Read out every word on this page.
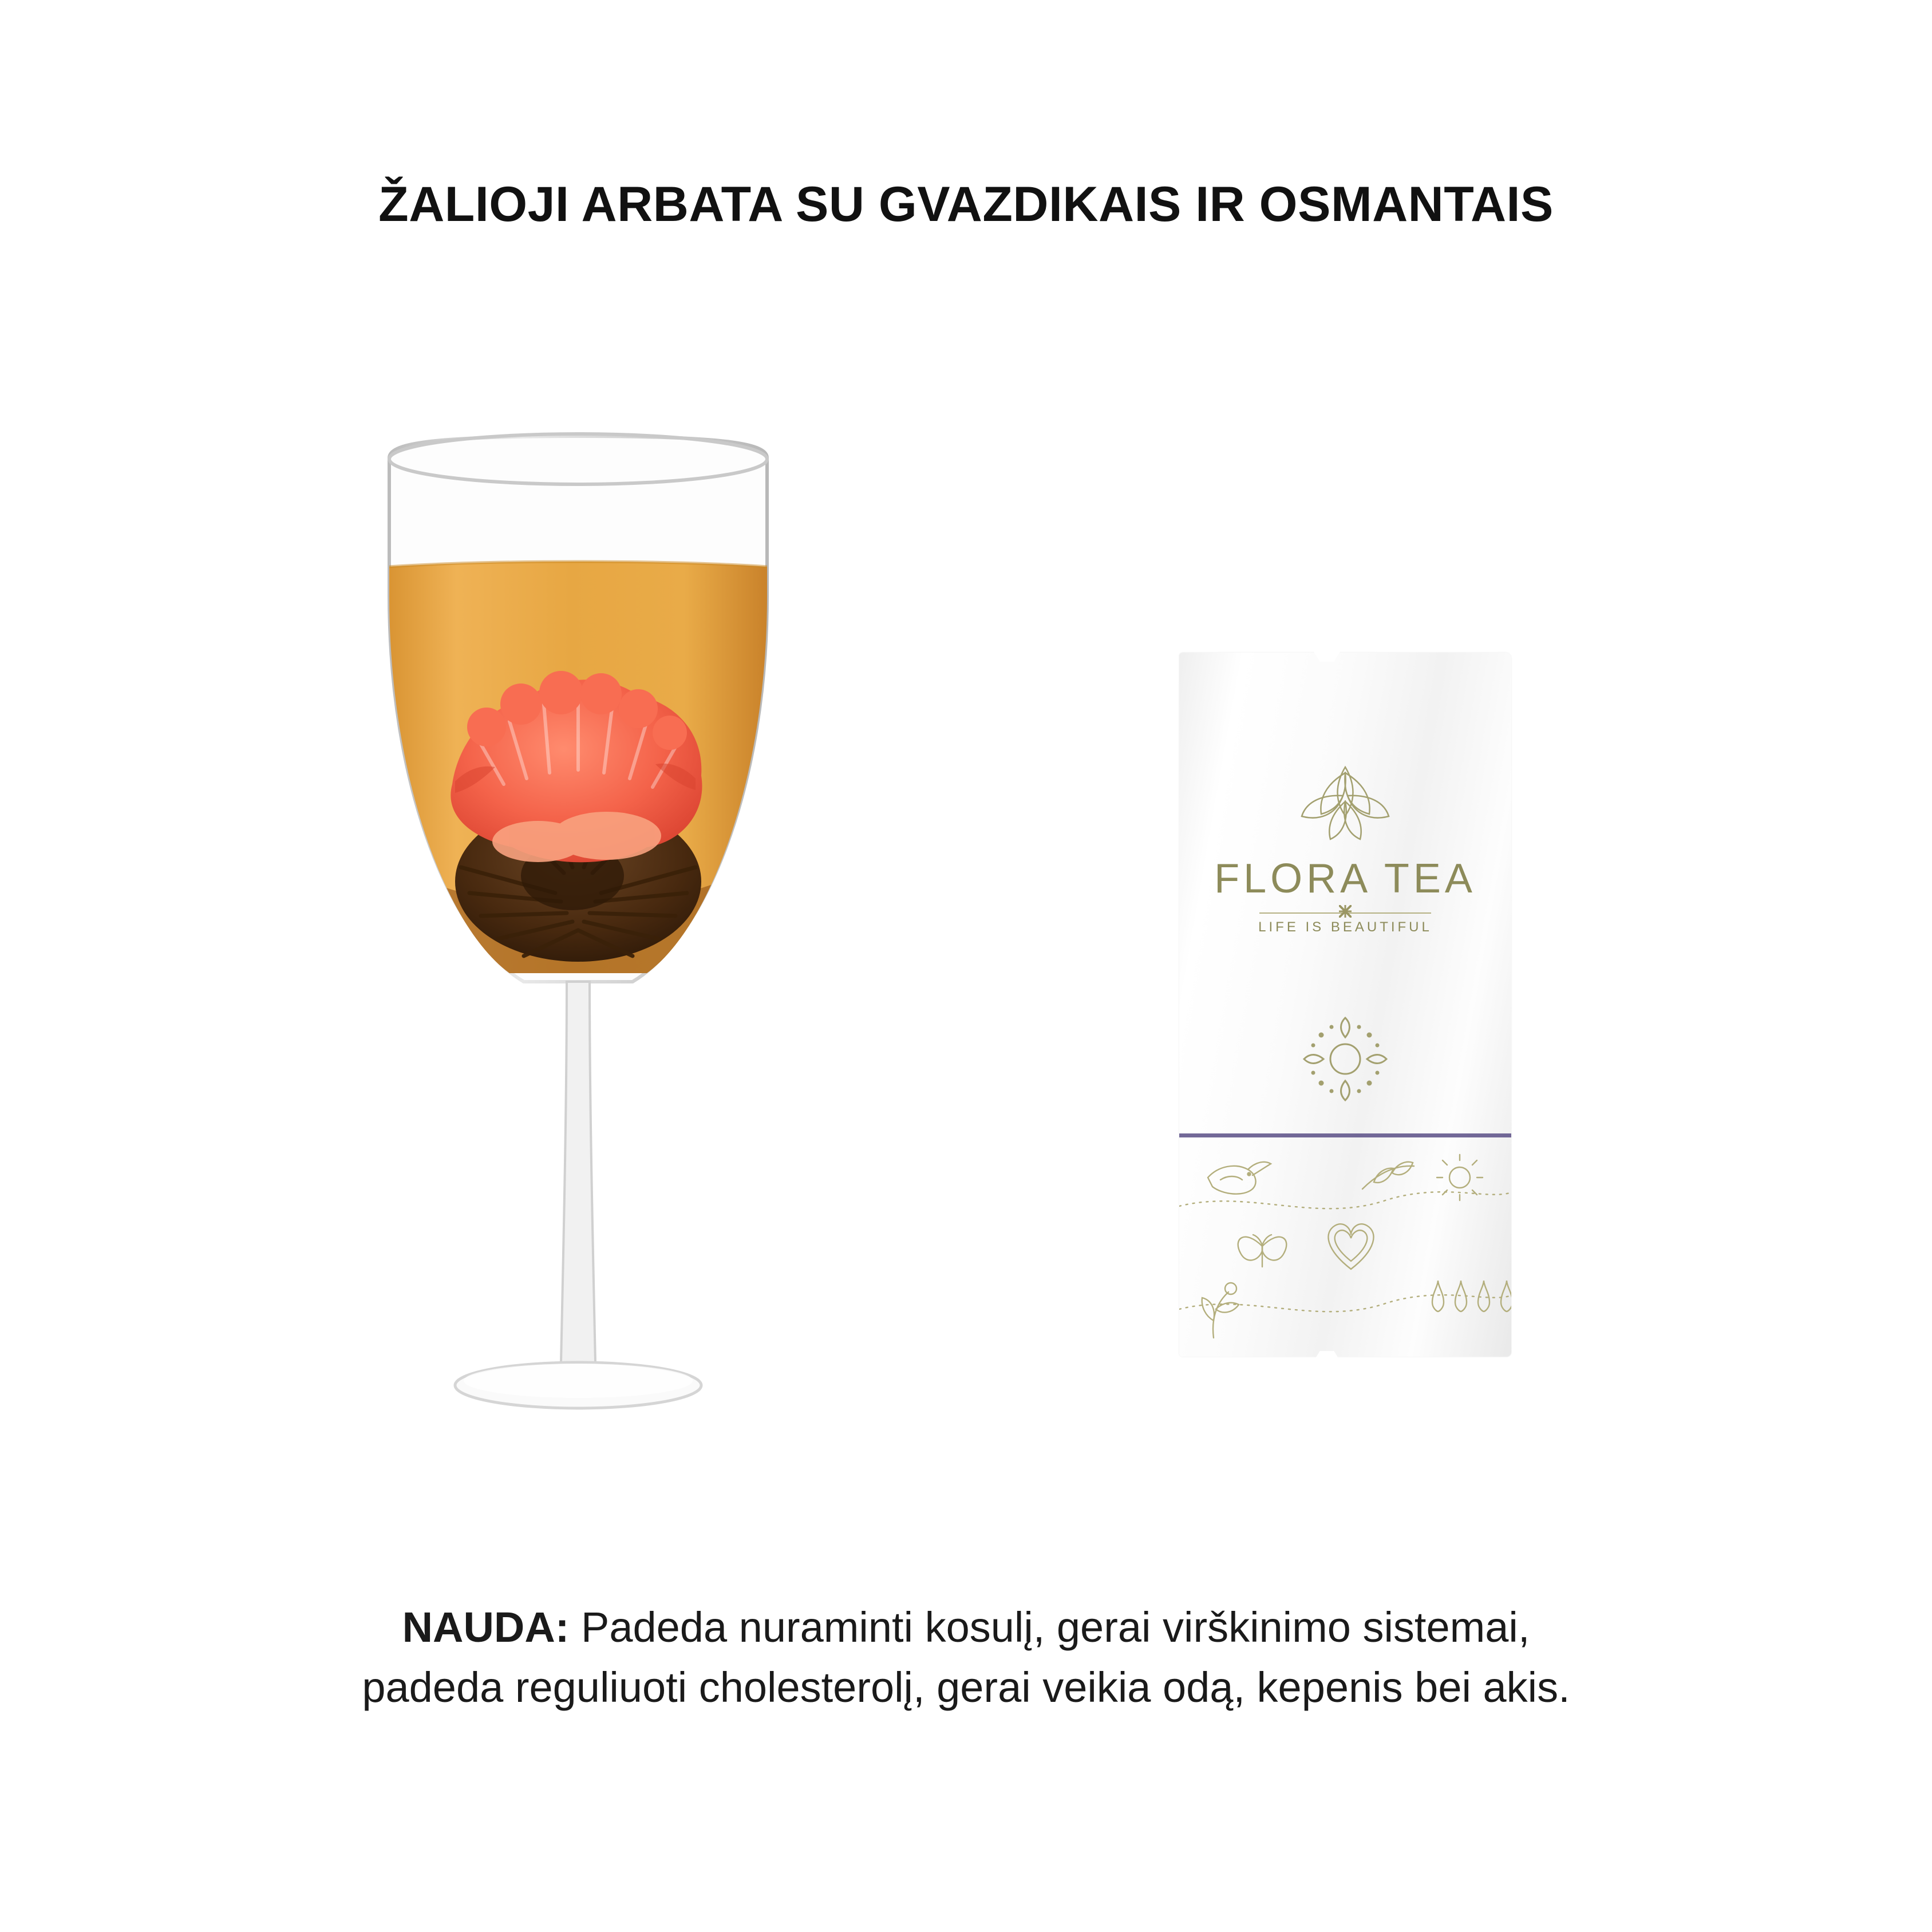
ŽALIOJI ARBATA SU GVAZDIKAIS IR OSMANTAIS
FLORA TEA
LIFE IS BEAUTIFUL
NAUDA: Padeda nuraminti kosulį, gerai virškinimo sistemai,
padeda reguliuoti cholesterolį, gerai veikia odą, kepenis bei akis.
